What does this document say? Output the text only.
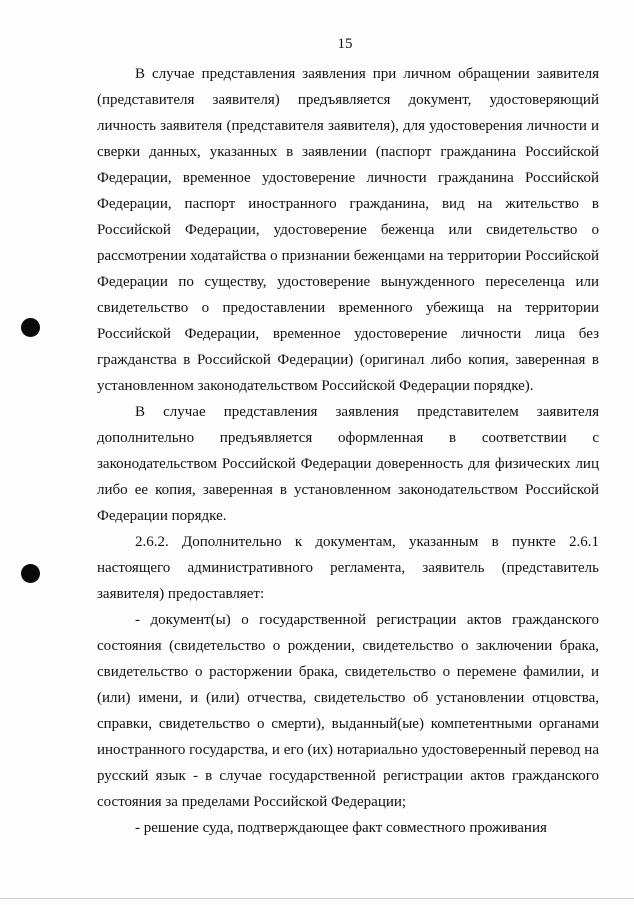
15

В случае представления заявления при личном обращении заявителя (представителя заявителя) предъявляется документ, удостоверяющий личность заявителя (представителя заявителя), для удостоверения личности и сверки данных, указанных в заявлении (паспорт гражданина Российской Федерации, временное удостоверение личности гражданина Российской Федерации, паспорт иностранного гражданина, вид на жительство в Российской Федерации, удостоверение беженца или свидетельство о рассмотрении ходатайства о признании беженцами на территории Российской Федерации по существу, удостоверение вынужденного переселенца или свидетельство о предоставлении временного убежища на территории Российской Федерации, временное удостоверение личности лица без гражданства в Российской Федерации) (оригинал либо копия, заверенная в установленном законодательством Российской Федерации порядке).

В случае представления заявления представителем заявителя дополнительно предъявляется оформленная в соответствии с законодательством Российской Федерации доверенность для физических лиц либо ее копия, заверенная в установленном законодательством Российской Федерации порядке.

2.6.2. Дополнительно к документам, указанным в пункте 2.6.1 настоящего административного регламента, заявитель (представитель заявителя) предоставляет:

- документ(ы) о государственной регистрации актов гражданского состояния (свидетельство о рождении, свидетельство о заключении брака, свидетельство о расторжении брака, свидетельство о перемене фамилии, и (или) имени, и (или) отчества, свидетельство об установлении отцовства, справки, свидетельство о смерти), выданный(ые) компетентными органами иностранного государства, и его (их) нотариально удостоверенный перевод на русский язык - в случае государственной регистрации актов гражданского состояния за пределами Российской Федерации;

- решение суда, подтверждающее факт совместного проживания
